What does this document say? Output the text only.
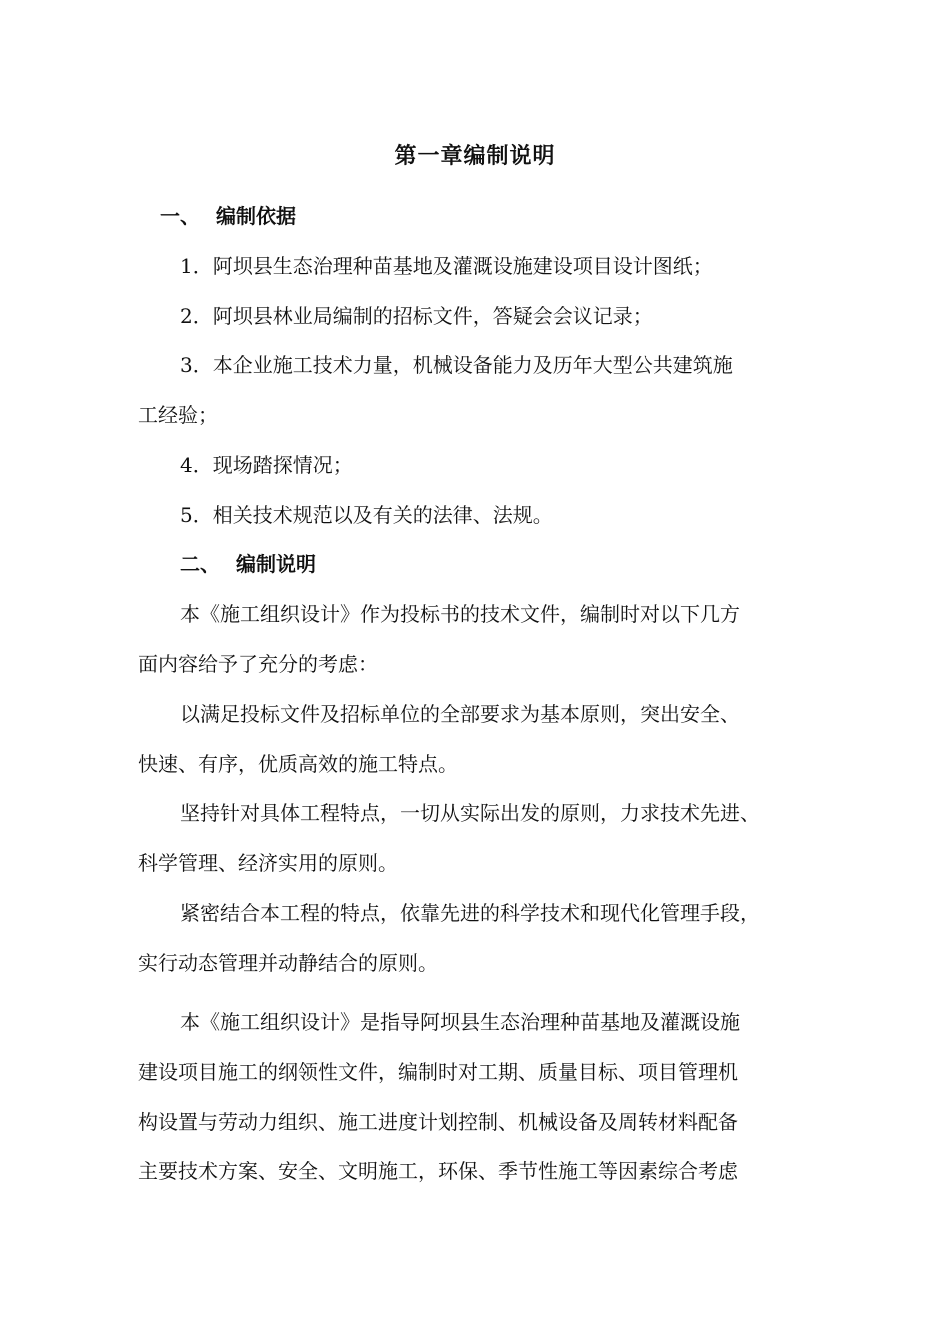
第一章编制说明
一、 编制依据
1．阿坝县生态治理种苗基地及灌溉设施建设项目设计图纸；
2．阿坝县林业局编制的招标文件，答疑会会议记录；
3．本企业施工技术力量，机械设备能力及历年大型公共建筑施
工经验；
4．现场踏探情况；
5．相关技术规范以及有关的法律、法规。
二、 编制说明
本《施工组织设计》作为投标书的技术文件，编制时对以下几方
面内容给予了充分的考虑：
以满足投标文件及招标单位的全部要求为基本原则，突出安全、
快速、有序，优质高效的施工特点。
坚持针对具体工程特点，一切从实际出发的原则，力求技术先进、
科学管理、经济实用的原则。
紧密结合本工程的特点，依靠先进的科学技术和现代化管理手段，
实行动态管理并动静结合的原则。
本《施工组织设计》是指导阿坝县生态治理种苗基地及灌溉设施
建设项目施工的纲领性文件，编制时对工期、质量目标、项目管理机
构设置与劳动力组织、施工进度计划控制、机械设备及周转材料配备
主要技术方案、安全、文明施工，环保、季节性施工等因素综合考虑
